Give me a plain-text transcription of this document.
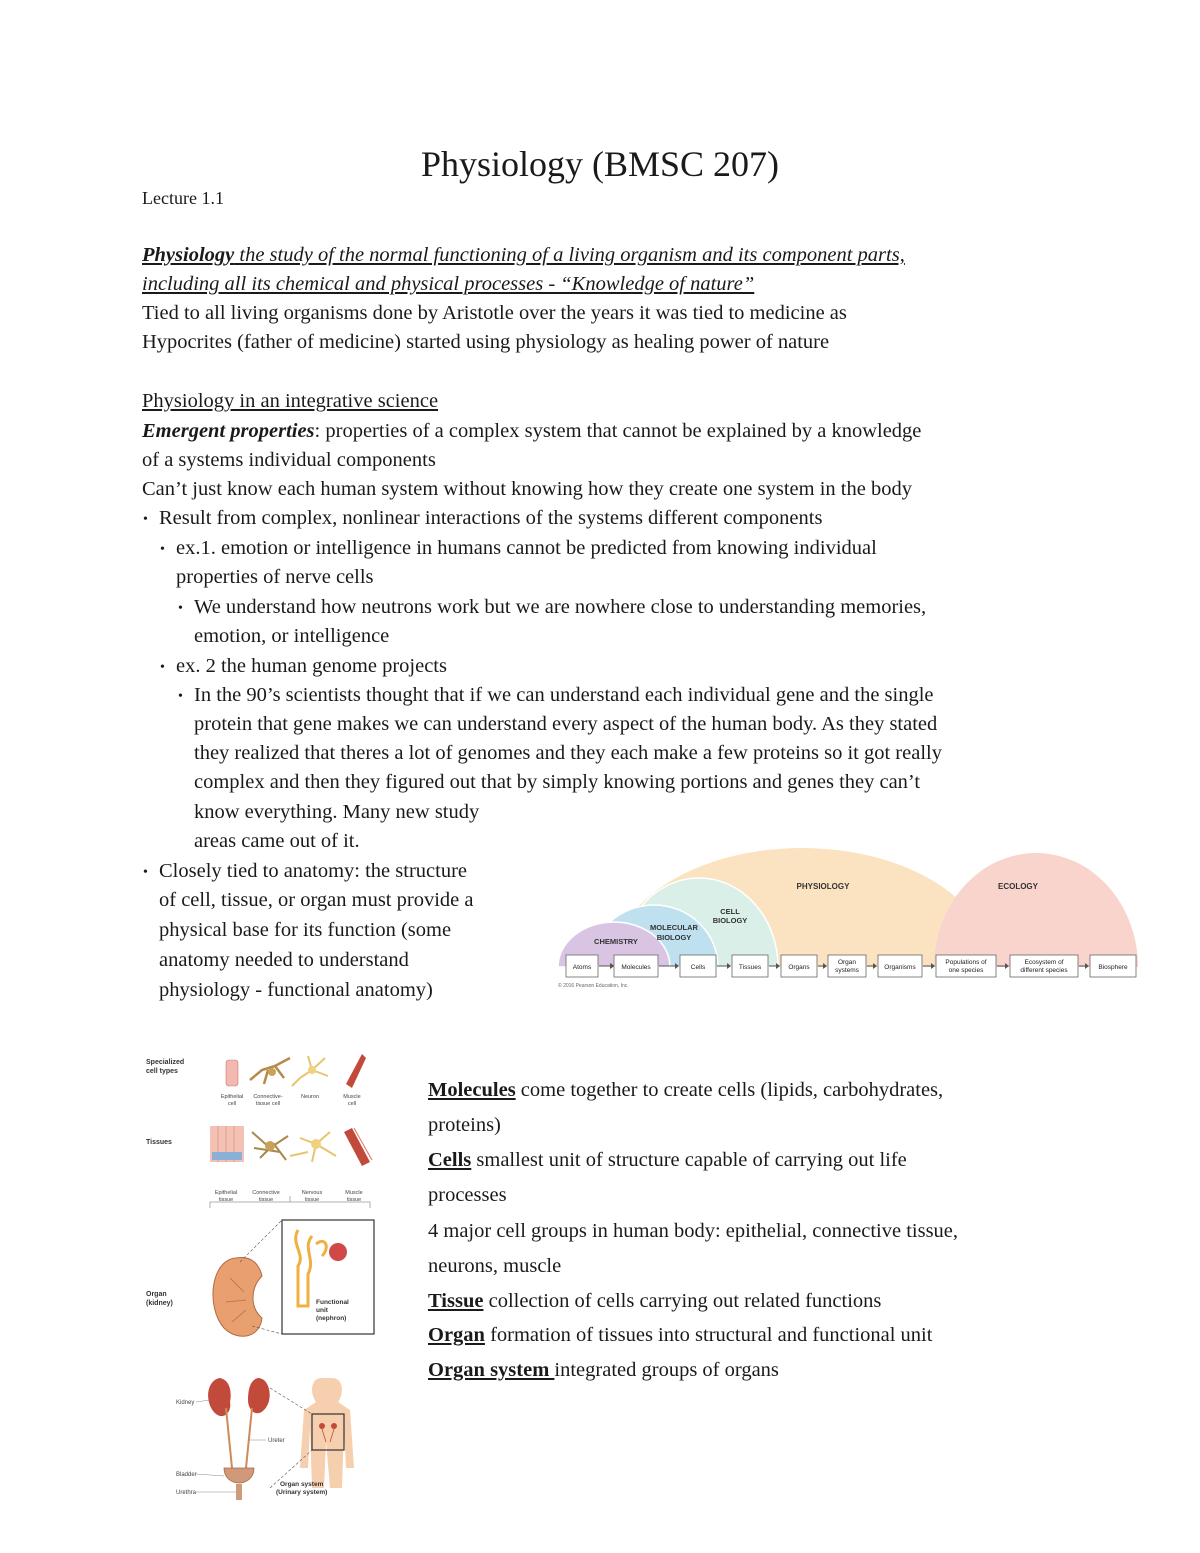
Physiology (BMSC 207)
Lecture 1.1
Physiology the study of the normal functioning of a living organism and its component parts,
including all its chemical and physical processes - “Knowledge of nature”
Tied to all living organisms done by Aristotle over the years it was tied to medicine as
Hypocrites (father of medicine) started using physiology as healing power of nature
Physiology in an integrative science
Emergent properties: properties of a complex system that cannot be explained by a knowledge
of a systems individual components
Can’t just know each human system without knowing how they create one system in the body
• Result from complex, nonlinear interactions of the systems different components
• ex.1. emotion or intelligence in humans cannot be predicted from knowing individual
properties of nerve cells
• We understand how neutrons work but we are nowhere close to understanding memories,
emotion, or intelligence
• ex. 2 the human genome projects
• In the 90’s scientists thought that if we can understand each individual gene and the single
protein that gene makes we can understand every aspect of the human body. As they stated
they realized that theres a lot of genomes and they each make a few proteins so it got really
complex and then they figured out that by simply knowing portions and genes they can’t
know everything. Many new study
areas came out of it.
• Closely tied to anatomy: the structure
of cell, tissue, or organ must provide a
physical base for its function (some
anatomy needed to understand
physiology - functional anatomy)
PHYSIOLOGY	ECOLOGY
CELL
BIOLOGY
MOLECULAR
BIOLOGY
CHEMISTRY
Atoms	Molecules	Cells	Tissues	Organs
Organ
systems	Organisms
Populations of
one species
Ecosystem of
different species	Biosphere
© 2016 Pearson Education, Inc.
Specialized
cell types
Tissues
Organ
(kidney)
Epithelial
cell
Connective-
tissue cell
Neuron	Muscle
cell
Epithelial
tissue
Connective
tissue
Nervous
tissue
Muscle
tissue
Functional
unit
(nephron)
Kidney
Ureter
Bladder
Urethra
Organ system
(Urinary system)
Molecules come together to create cells (lipids, carbohydrates,
proteins)
Cells smallest unit of structure capable of carrying out life
processes
4 major cell groups in human body: epithelial, connective tissue,
neurons, muscle
Tissue collection of cells carrying out related functions
Organ formation of tissues into structural and functional unit
Organ system integrated groups of organs
